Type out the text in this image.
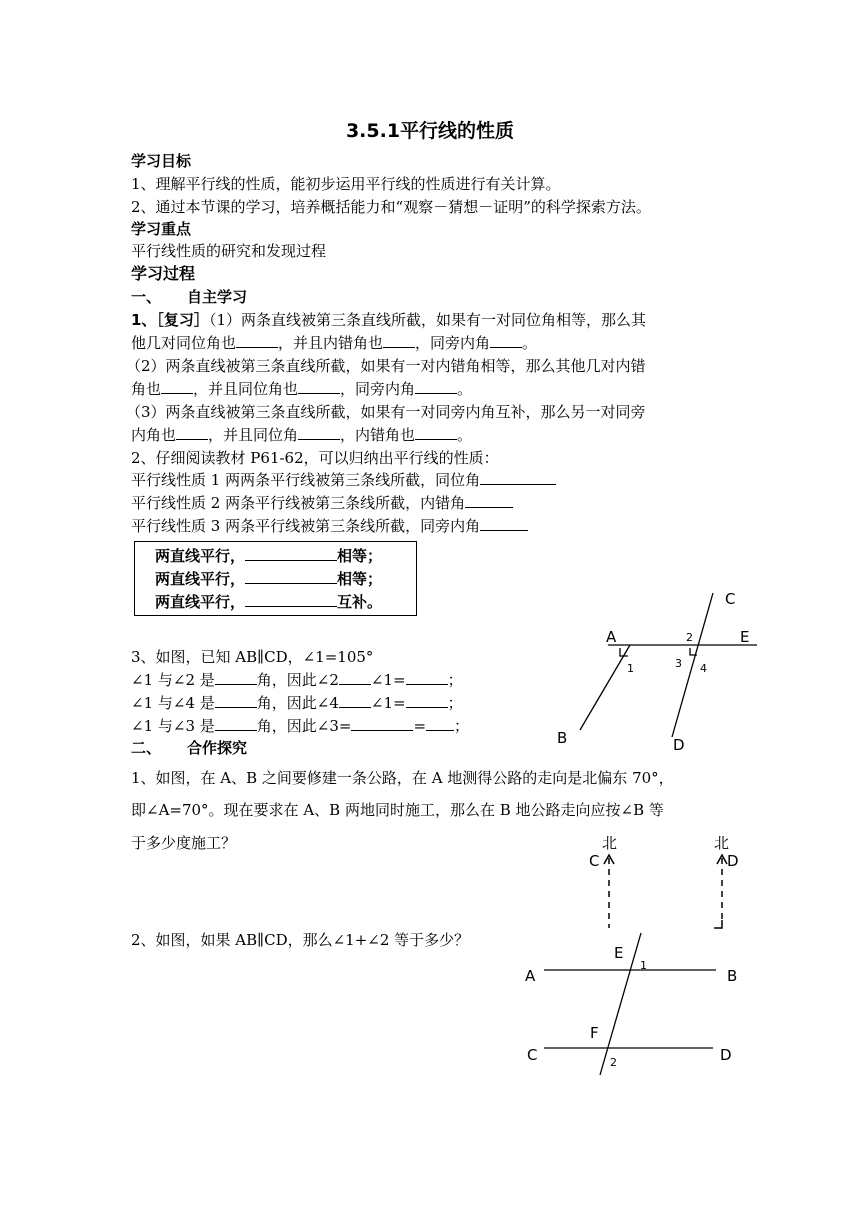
3.5.1平行线的性质
学习目标
1、理解平行线的性质，能初步运用平行线的性质进行有关计算。
2、通过本节课的学习，培养概括能力和“观察－猜想－证明”的科学探索方法。
学习重点
平行线性质的研究和发现过程
学习过程
一、 自主学习
1、［复习］（1）两条直线被第三条直线所截，如果有一对同位角相等，那么其
他几对同位角也	，并且内错角也 ，同旁内角 。
（2）两条直线被第三条直线所截，如果有一对内错角相等，那么其他几对内错
角也 ，并且同位角也	，同旁内角	。
（3）两条直线被第三条直线所截，如果有一对同旁内角互补，那么另一对同旁
内角也 ，并且同位角	，内错角也	。
2、仔细阅读教材 P61-62，可以归纳出平行线的性质：
平行线性质 1 两两条平行线被第三条线所截，同位角
平行线性质 2 两条平行线被第三条线所截，内错角
平行线性质 3 两条平行线被第三条线所截，同旁内角
两直线平行，	相等；
两直线平行，	相等；
两直线平行，	互补。
3、如图，已知 AB∥CD，∠1=105°
∠1 与∠2 是	角，因此∠2 ∠1=	；
∠1 与∠4 是	角，因此∠4 ∠1=	；
∠1 与∠3 是	角，因此∠3=	= ；
二、 合作探究
1、如图，在 A、B 之间要修建一条公路，在 A 地测得公路的走向是北偏东 70°，
即∠A=70°。现在要求在 A、B 两地同时施工，那么在 B 地公路走向应按∠B 等
于多少度施工？
2、如图，如果 AB∥CD，那么∠1+∠2 等于多少？
A
B
C
D
E
1
2
3 4
北	北
C	D
A	B
C	D
E
F
1
2
